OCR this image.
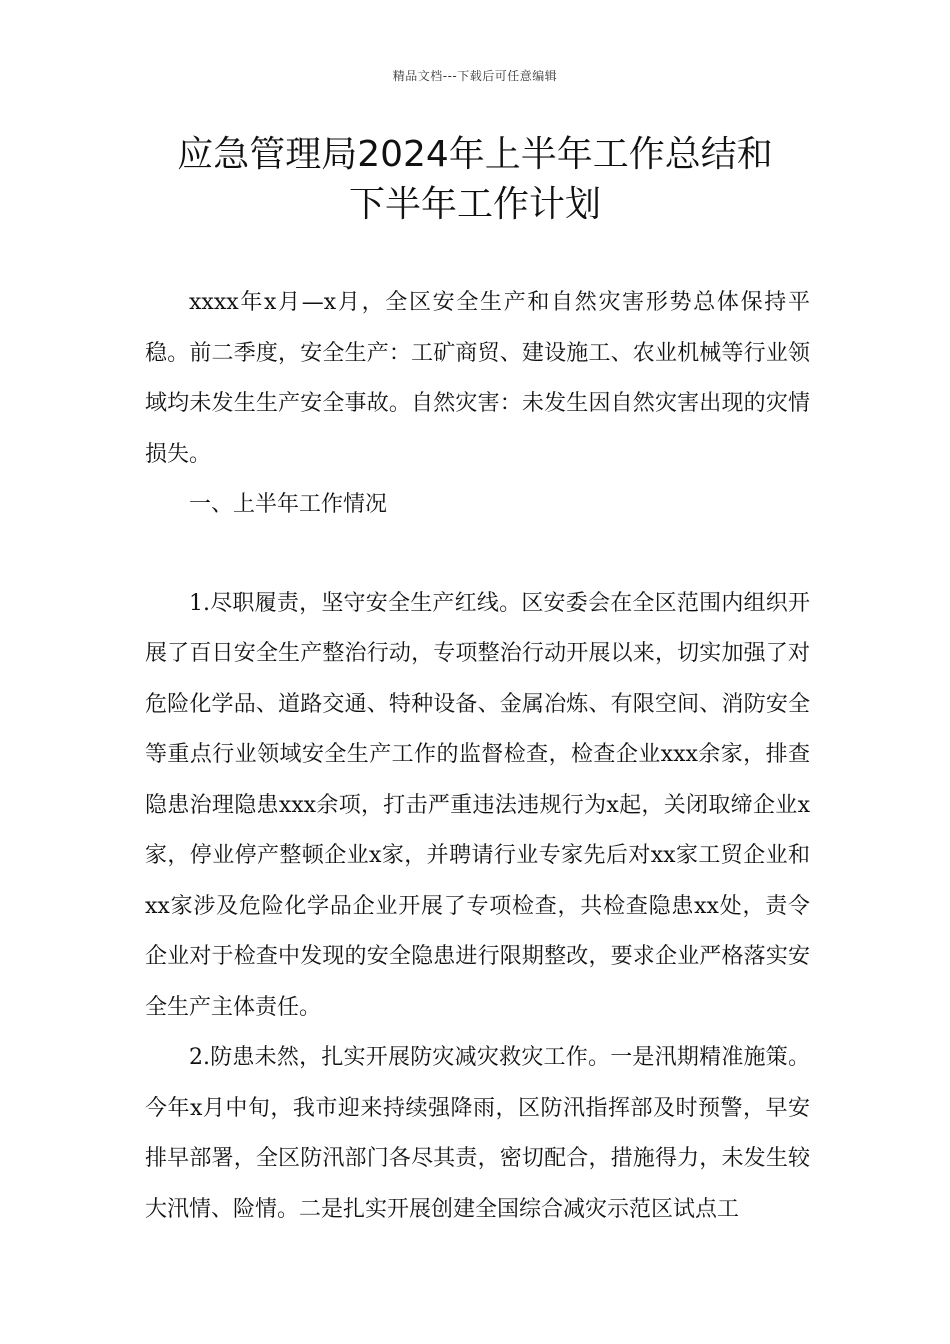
精品文档---下载后可任意编辑
应急管理局2024年上半年工作总结和
下半年工作计划

xxxx年x月—x月，全区安全生产和自然灾害形势总体保持平稳。前二季度，安全生产：工矿商贸、建设施工、农业机械等行业领域均未发生生产安全事故。自然灾害：未发生因自然灾害出现的灾情损失。

一、上半年工作情况

1.尽职履责，坚守安全生产红线。区安委会在全区范围内组织开展了百日安全生产整治行动，专项整治行动开展以来，切实加强了对危险化学品、道路交通、特种设备、金属冶炼、有限空间、消防安全等重点行业领域安全生产工作的监督检查，检查企业xxx余家，排查隐患治理隐患xxx余项，打击严重违法违规行为x起，关闭取缔企业x家，停业停产整顿企业x家，并聘请行业专家先后对xx家工贸企业和xx家涉及危险化学品企业开展了专项检查，共检查隐患xx处，责令企业对于检查中发现的安全隐患进行限期整改，要求企业严格落实安全生产主体责任。

2.防患未然，扎实开展防灾减灾救灾工作。一是汛期精准施策。今年x月中旬，我市迎来持续强降雨，区防汛指挥部及时预警，早安排早部署，全区防汛部门各尽其责，密切配合，措施得力，未发生较大汛情、险情。二是扎实开展创建全国综合减灾示范区试点工
